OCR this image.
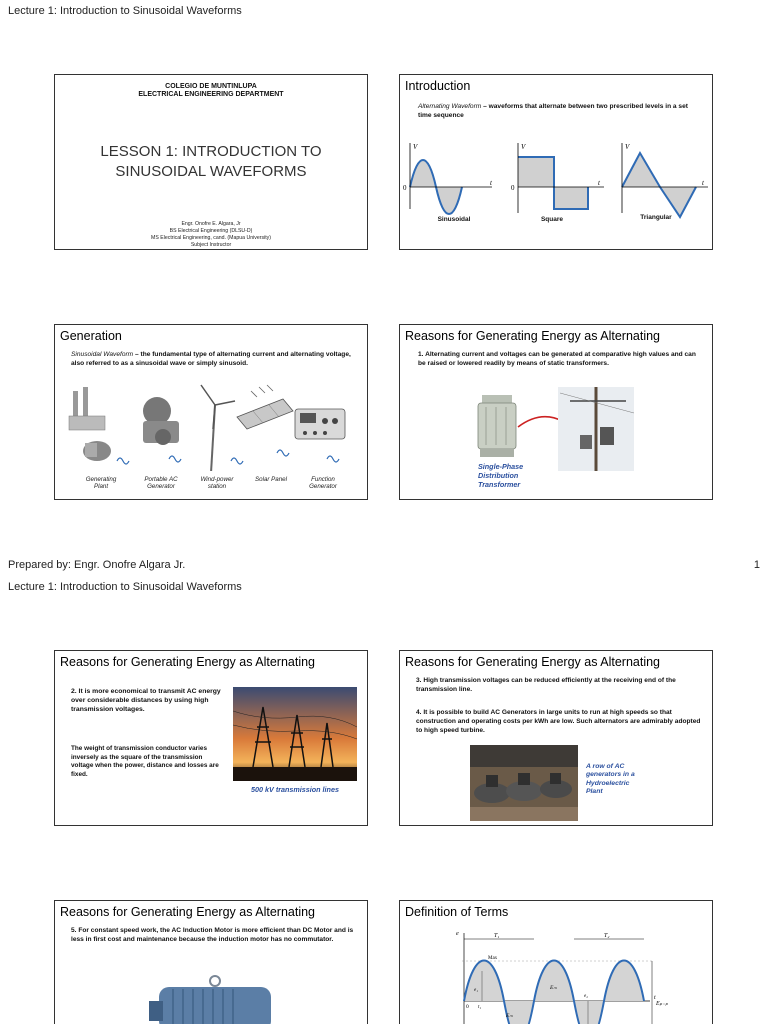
Lecture 1: Introduction to Sinusoidal Waveforms
COLEGIO DE MUNTINLUPA
ELECTRICAL ENGINEERING DEPARTMENT
LESSON 1: INTRODUCTION TO
SINUSOIDAL WAVEFORMS
Engr. Onofre E. Algara, Jr
BS Electrical Engineering (DLSU-D)
MS Electrical Engineering, cand. (Mapua University)
Subject Instructor
Introduction
Alternating Waveform – waveforms that alternate between two prescribed levels in a set time sequence
V
t
0
V
t
0
V
t
Sinusoidal	Square	Triangular
Generation
Sinusoidal Waveform – the fundamental type of alternating current and alternating voltage, also referred to as a sinusoidal wave or simply sinusoid.
Generating
Plant
Portable AC
Generator
Wind-power
station
Solar Panel	Function
Generator
Reasons for Generating Energy as Alternating
1. Alternating current and voltages can be generated at comparative high values and can be raised or lowered readily by means of static transformers.
Single-Phase
Distribution
Transformer
Prepared by: Engr. Onofre Algara Jr.	1
Lecture 1: Introduction to Sinusoidal Waveforms
Reasons for Generating Energy as Alternating
2. It is more economical to transmit AC energy over considerable distances by using high transmission voltages.
The weight of transmission conductor varies inversely as the square of the transmission voltage when the power, distance and losses are fixed.
500 kV transmission lines
Reasons for Generating Energy as Alternating
3. High transmission voltages can be reduced efficiently at the receiving end of the transmission line.
4. It is possible to build AC Generators in large units to run at high speeds so that construction and operating costs per kWh are low. Such alternators are admirably adopted to high speed turbine.
A row of AC
generators in a
Hydroelectric
Plant
Reasons for Generating Energy as Alternating
5. For constant speed work, the AC Induction Motor is more efficient than DC Motor and is less in first cost and maintenance because the induction motor has no commutator.
Definition of Terms
e	T₁	T₂
Max
t
Eₚ₋ₚ
Eₘ
0
e₁
t₁
e₂
Eₘ
